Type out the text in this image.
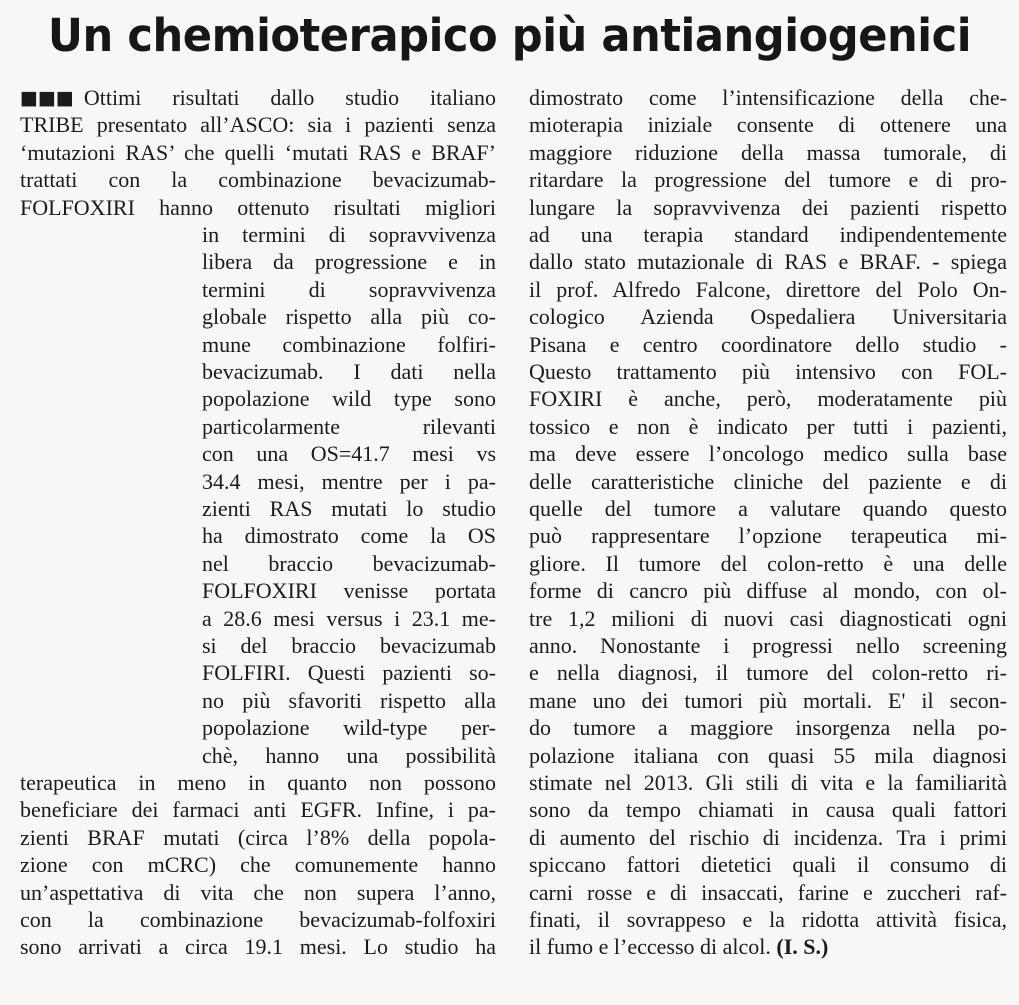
Un chemioterapico più antiangiogenici
■■■ Ottimi risultati dallo studio italiano
TRIBE presentato all’ASCO: sia i pazienti senza
‘mutazioni RAS’ che quelli ‘mutati RAS e BRAF’
trattati con la combinazione bevacizumab-
FOLFOXIRI hanno ottenuto risultati migliori
in termini di sopravvivenza
libera da progressione e in
termini di sopravvivenza
globale rispetto alla più co-
mune combinazione folfiri-
bevacizumab. I dati nella
popolazione wild type sono
particolarmente rilevanti
con una OS=41.7 mesi vs
34.4 mesi, mentre per i pa-
zienti RAS mutati lo studio
ha dimostrato come la OS
nel braccio bevacizumab-
FOLFOXIRI venisse portata
a 28.6 mesi versus i 23.1 me-
si del braccio bevacizumab
FOLFIRI. Questi pazienti so-
no più sfavoriti rispetto alla
popolazione wild-type per-
chè, hanno una possibilità
terapeutica in meno in quanto non possono
beneficiare dei farmaci anti EGFR. Infine, i pa-
zienti BRAF mutati (circa l’8% della popola-
zione con mCRC) che comunemente hanno
un’aspettativa di vita che non supera l’anno,
con la combinazione bevacizumab-folfoxiri
sono arrivati a circa 19.1 mesi. Lo studio ha
dimostrato come l’intensificazione della che-
mioterapia iniziale consente di ottenere una
maggiore riduzione della massa tumorale, di
ritardare la progressione del tumore e di pro-
lungare la sopravvivenza dei pazienti rispetto
ad una terapia standard indipendentemente
dallo stato mutazionale di RAS e BRAF. - spiega
il prof. Alfredo Falcone, direttore del Polo On-
cologico Azienda Ospedaliera Universitaria
Pisana e centro coordinatore dello studio -
Questo trattamento più intensivo con FOL-
FOXIRI è anche, però, moderatamente più
tossico e non è indicato per tutti i pazienti,
ma deve essere l’oncologo medico sulla base
delle caratteristiche cliniche del paziente e di
quelle del tumore a valutare quando questo
può rappresentare l’opzione terapeutica mi-
gliore. Il tumore del colon-retto è una delle
forme di cancro più diffuse al mondo, con ol-
tre 1,2 milioni di nuovi casi diagnosticati ogni
anno. Nonostante i progressi nello screening
e nella diagnosi, il tumore del colon-retto ri-
mane uno dei tumori più mortali. E' il secon-
do tumore a maggiore insorgenza nella po-
polazione italiana con quasi 55 mila diagnosi
stimate nel 2013. Gli stili di vita e la familiarità
sono da tempo chiamati in causa quali fattori
di aumento del rischio di incidenza. Tra i primi
spiccano fattori dietetici quali il consumo di
carni rosse e di insaccati, farine e zuccheri raf-
finati, il sovrappeso e la ridotta attività fisica,
il fumo e l’eccesso di alcol. (I. S.)
